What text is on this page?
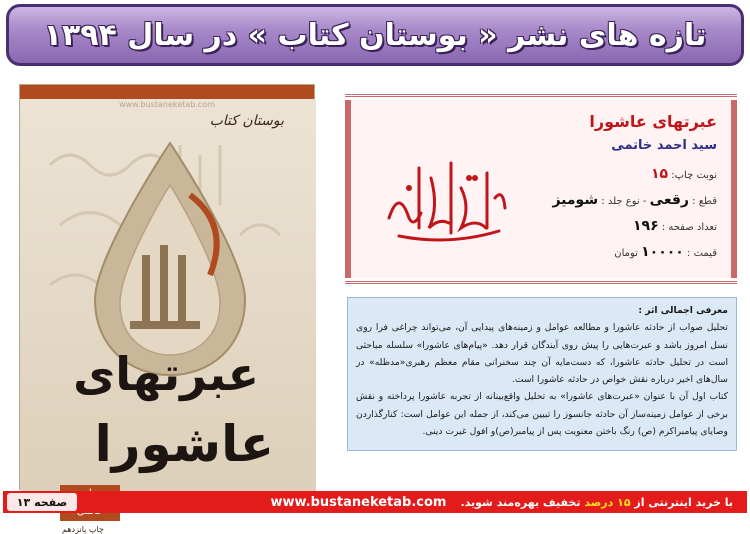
تازه های نشر « بوستان کتاب » در سال ۱۳۹۴
www.bustaneketab.com
بوستان کتاب
عبرتهای
عاشورا
چاپ پانزدهم
عبرتهای عاشورا
سید احمد خاتمی
نوبت چاپ: ۱۵
قطع : رقعی - نوع جلد : شومیز
تعداد صفحه : ۱۹۶
قیمت : ۱۰۰۰۰ تومان

معرفی اجمالی اثر :

تحلیل صواب از حادثه عاشورا و مطالعه عوامل و زمینه‌های پیدایی آن، می‌تواند چراغی فرا روی نسل امروز باشد و عبرت‌هایی را پیش روی آیندگان قرار دهد. «پیام‌های عاشورا» سلسله مباحثی است در تحلیل حادثه عاشورا، که دست‌مایه آن چند سخنرانی مقام معظم رهبری«مدظله» در سال‌های اخیر درباره نقش خواص در حادثه عاشورا است.

کتاب اول آن با عنوان «عبرت‌های عاشورا» به تحلیل واقع‌بینانه از تجربه عاشورا پرداخته و نقش برخی از عوامل زمینه‌ساز آن حادثه جانسوز را تبیین می‌کند، از جمله این عوامل است: کنارگذاردن وصایای پیامبراکرم (ص) رنگ باختن معنویت پس از پیامبر(ص)و افول غیرت دینی.

با خرید اینترنتی از ۱۵ درصد تخفیف بهره‌مند شوید.
www.bustaneketab.com
صفحه ۱۳
